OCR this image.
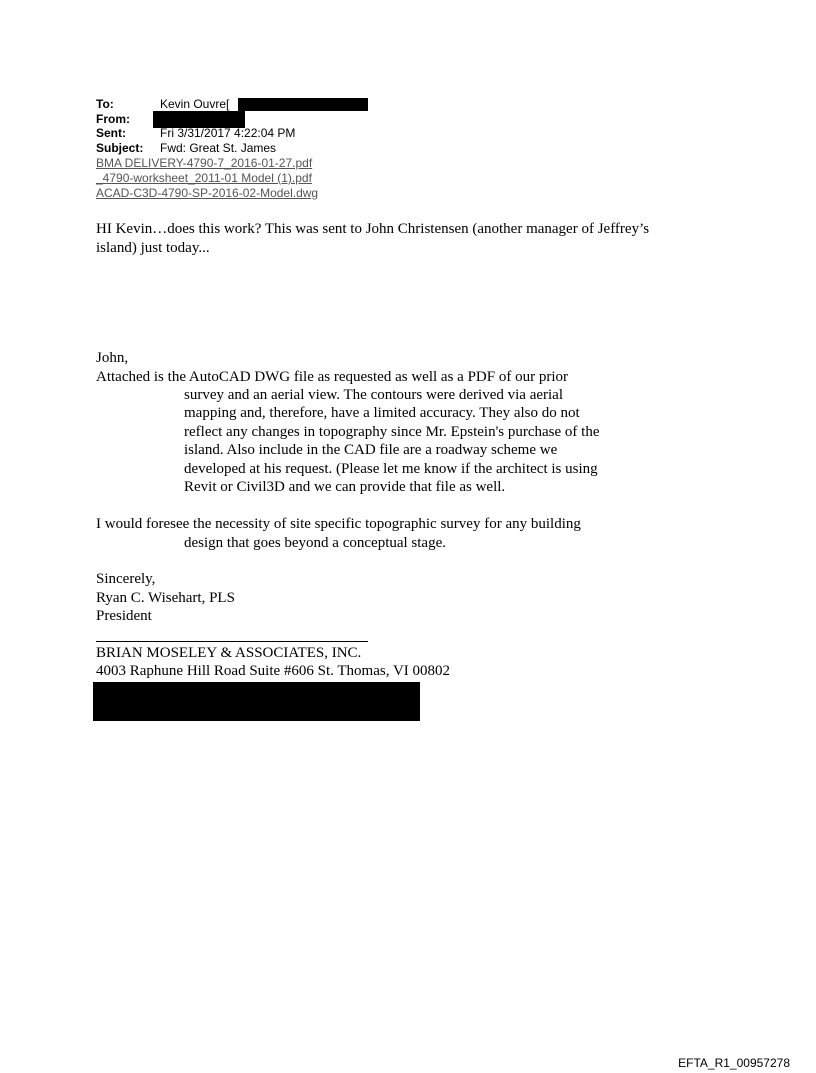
To:	Kevin Ouvre[
From:
Sent:	Fri 3/31/2017 4:22:04 PM
Subject: Fwd: Great St. James
BMA DELIVERY-4790-7_2016-01-27.pdf
_4790-worksheet_2011-01 Model (1).pdf
ACAD-C3D-4790-SP-2016-02-Model.dwg
HI Kevin…does this work? This was sent to John Christensen (another manager of Jeffrey’s
island) just today...
John,
Attached is the AutoCAD DWG file as requested as well as a PDF of our prior
survey and an aerial view. The contours were derived via aerial
mapping and, therefore, have a limited accuracy. They also do not
reflect any changes in topography since Mr. Epstein's purchase of the
island. Also include in the CAD file are a roadway scheme we
developed at his request. (Please let me know if the architect is using
Revit or Civil3D and we can provide that file as well.
I would foresee the necessity of site specific topographic survey for any building
design that goes beyond a conceptual stage.
Sincerely,
Ryan C. Wisehart, PLS
President
BRIAN MOSELEY & ASSOCIATES, INC.
4003 Raphune Hill Road Suite #606 St. Thomas, VI 00802
EFTA_R1_00957278
